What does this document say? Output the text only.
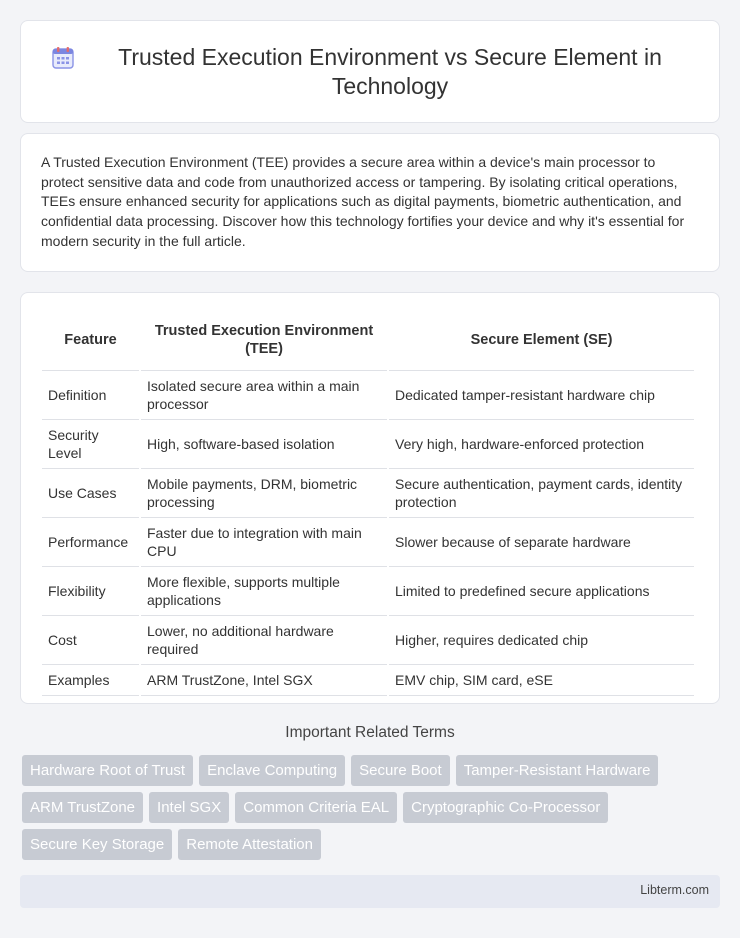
Trusted Execution Environment vs Secure Element in Technology

A Trusted Execution Environment (TEE) provides a secure area within a device's main processor to protect sensitive data and code from unauthorized access or tampering. By isolating critical operations, TEEs ensure enhanced security for applications such as digital payments, biometric authentication, and confidential data processing. Discover how this technology fortifies your device and why it's essential for modern security in the full article.

Feature	Trusted Execution Environment (TEE)	Secure Element (SE)
Definition	Isolated secure area within a main processor	Dedicated tamper-resistant hardware chip
Security Level	High, software-based isolation	Very high, hardware-enforced protection
Use Cases	Mobile payments, DRM, biometric processing	Secure authentication, payment cards, identity protection
Performance	Faster due to integration with main CPU	Slower because of separate hardware
Flexibility	More flexible, supports multiple applications	Limited to predefined secure applications
Cost	Lower, no additional hardware required	Higher, requires dedicated chip
Examples	ARM TrustZone, Intel SGX	EMV chip, SIM card, eSE
Important Related Terms
Hardware Root of Trust	Enclave Computing	Secure Boot	Tamper-Resistant Hardware
ARM TrustZone	Intel SGX	Common Criteria EAL	Cryptographic Co-Processor
Secure Key Storage	Remote Attestation
Libterm.com
